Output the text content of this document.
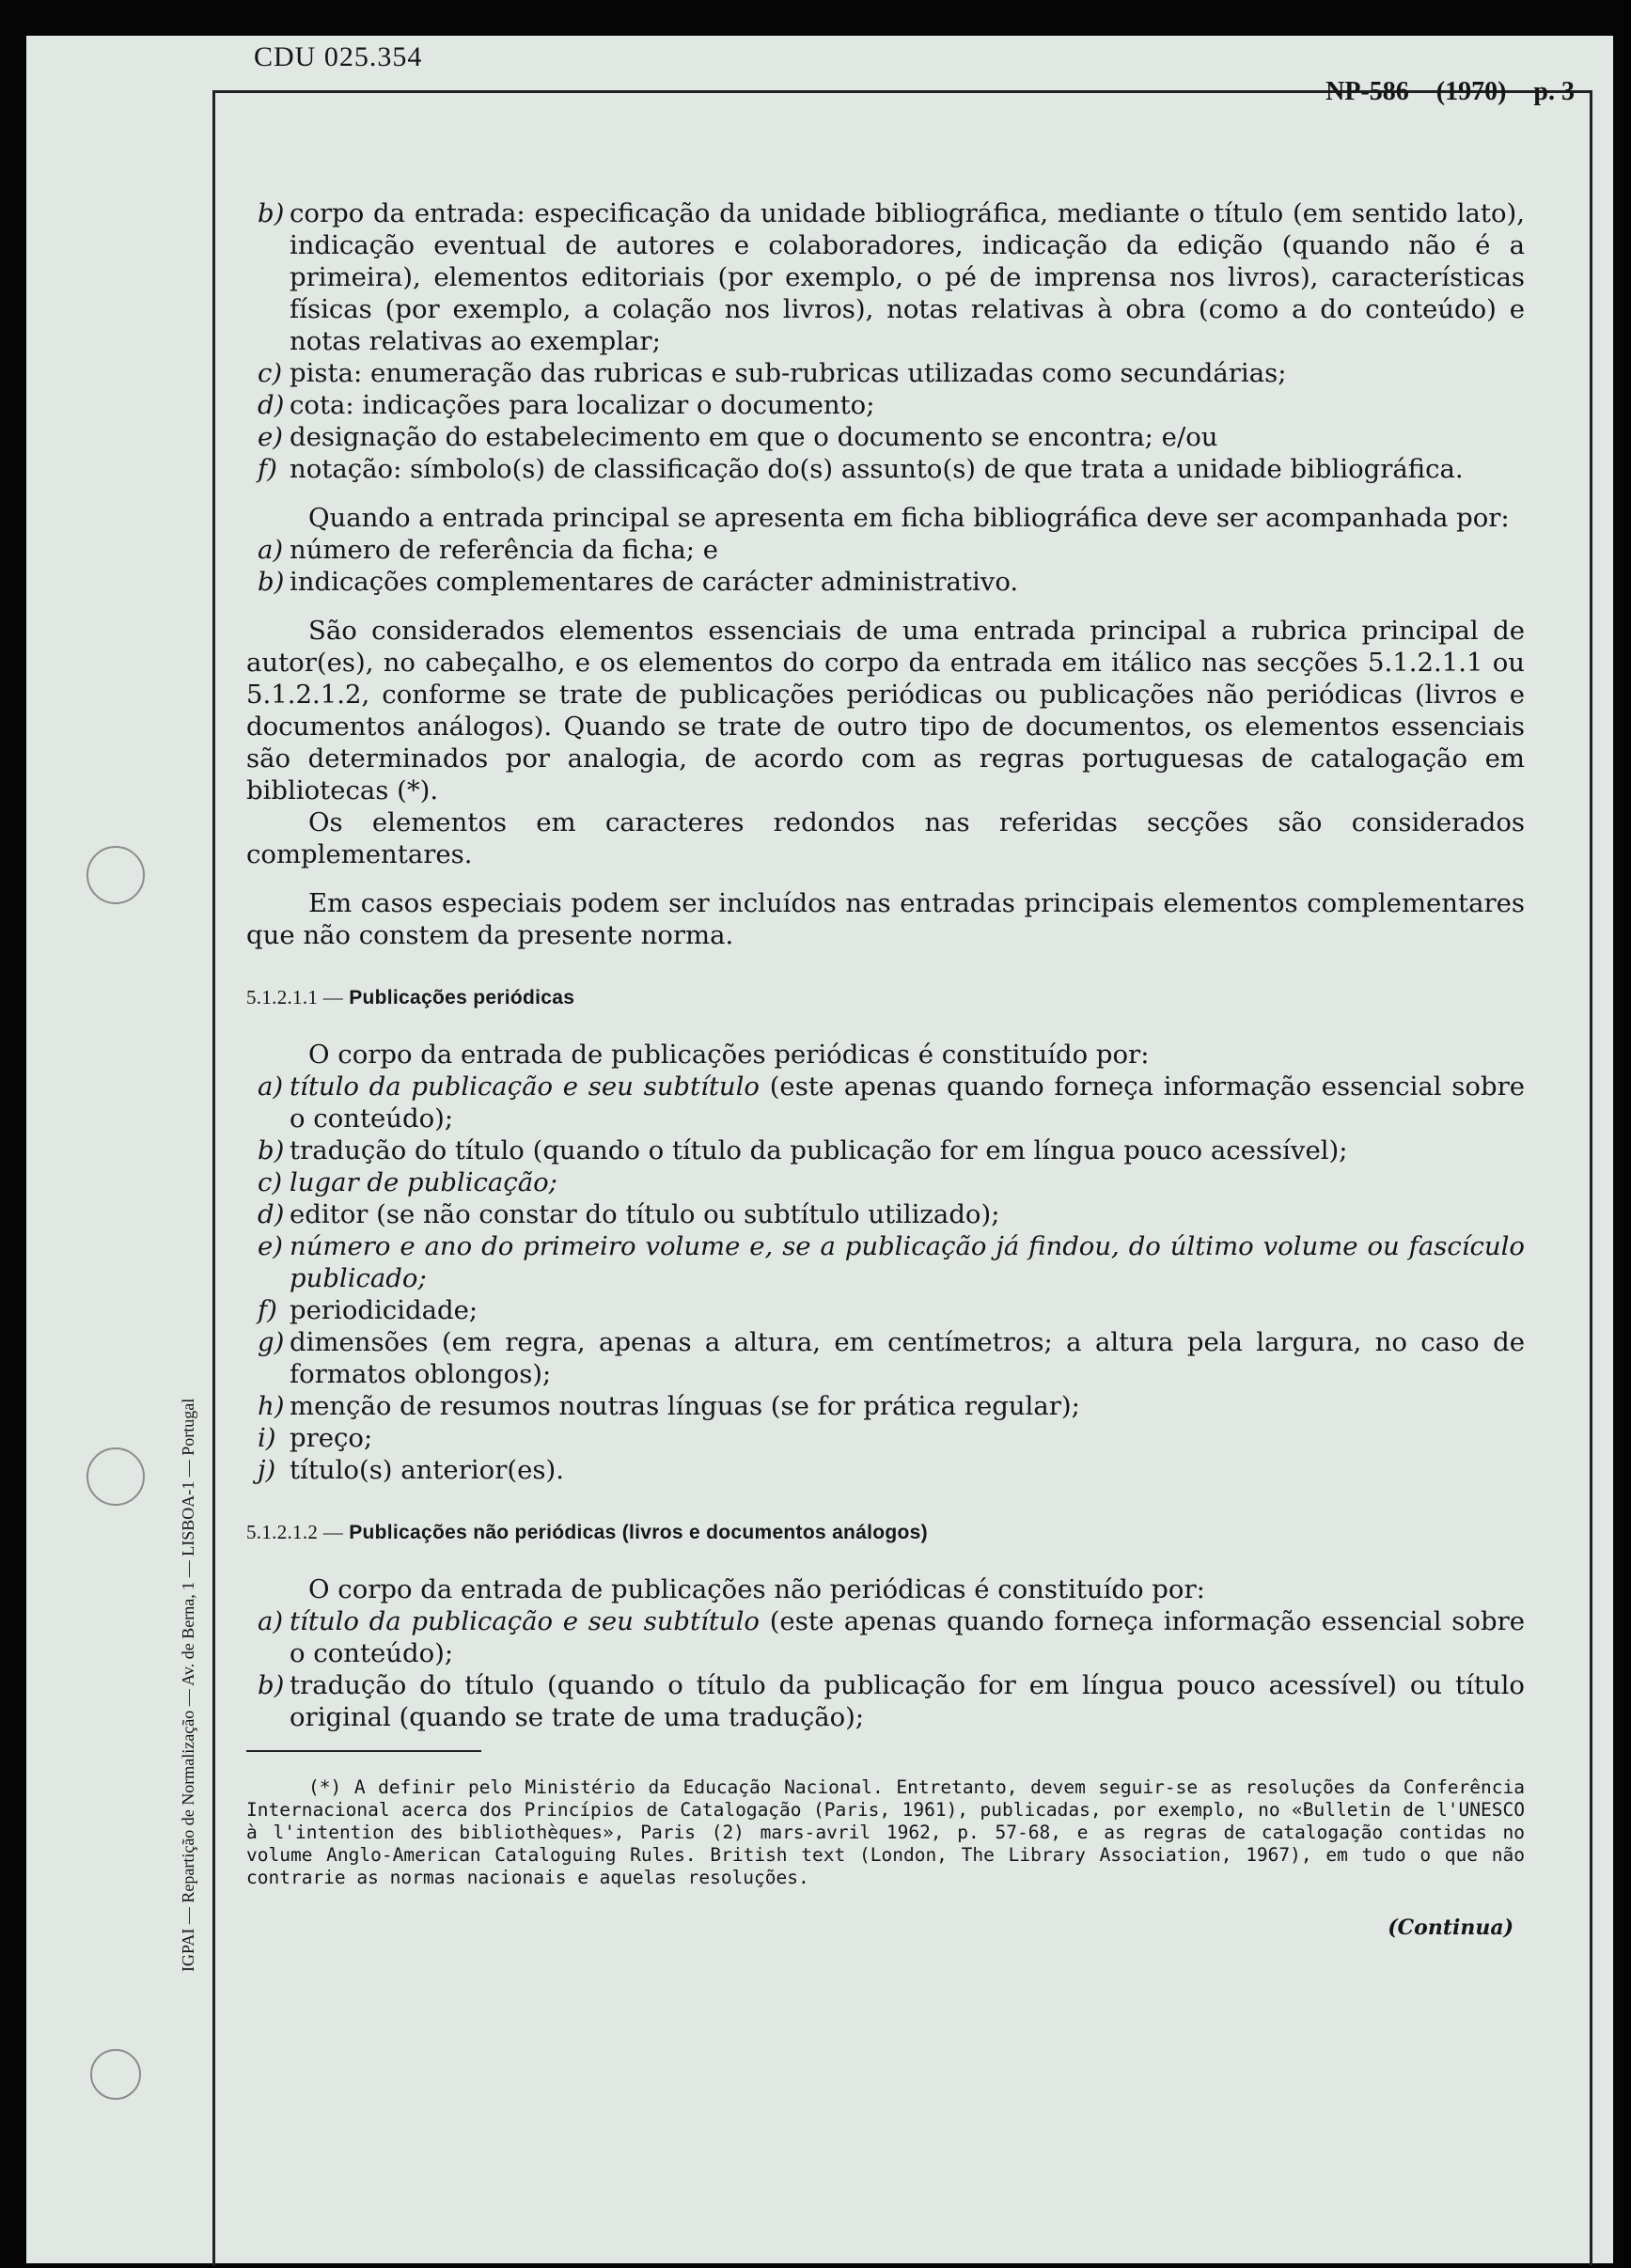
CDU 025.354
IGPAI — Repartição de Normalização — Av. de Berna, 1 — LISBOA-1 — Portugal
NP-586 (1970) p. 3
b) corpo da entrada: especificação da unidade bibliográfica, mediante o título (em sentido lato), indicação eventual de autores e colaboradores, indicação da edição (quando não é a primeira), elementos editoriais (por exemplo, o pé de imprensa nos livros), características físicas (por exemplo, a colação nos livros), notas relativas à obra (como a do conteúdo) e notas relativas ao exemplar;
c) pista: enumeração das rubricas e sub-rubricas utilizadas como secundárias;
d) cota: indicações para localizar o documento;
e) designação do estabelecimento em que o documento se encontra; e/ou
f) notação: símbolo(s) de classificação do(s) assunto(s) de que trata a unidade bibliográfica.
Quando a entrada principal se apresenta em ficha bibliográfica deve ser acompanhada por:
a) número de referência da ficha; e
b) indicações complementares de carácter administrativo.
São considerados elementos essenciais de uma entrada principal a rubrica principal de autor(es), no cabeçalho, e os elementos do corpo da entrada em itálico nas secções 5.1.2.1.1 ou 5.1.2.1.2, conforme se trate de publicações periódicas ou publicações não periódicas (livros e documentos análogos). Quando se trate de outro tipo de documentos, os elementos essenciais são determinados por analogia, de acordo com as regras portuguesas de catalogação em bibliotecas (*).
Os elementos em caracteres redondos nas referidas secções são considerados complementares.
Em casos especiais podem ser incluídos nas entradas principais elementos complementares que não constem da presente norma.
5.1.2.1.1 — Publicações periódicas
O corpo da entrada de publicações periódicas é constituído por:
a) título da publicação e seu subtítulo (este apenas quando forneça informação essencial sobre o conteúdo);
b) tradução do título (quando o título da publicação for em língua pouco acessível);
c) lugar de publicação;
d) editor (se não constar do título ou subtítulo utilizado);
e) número e ano do primeiro volume e, se a publicação já findou, do último volume ou fascículo publicado;
f) periodicidade;
g) dimensões (em regra, apenas a altura, em centímetros; a altura pela largura, no caso de formatos oblongos);
h) menção de resumos noutras línguas (se for prática regular);
i) preço;
j) título(s) anterior(es).
5.1.2.1.2 — Publicações não periódicas (livros e documentos análogos)
O corpo da entrada de publicações não periódicas é constituído por:
a) título da publicação e seu subtítulo (este apenas quando forneça informação essencial sobre o conteúdo);
b) tradução do título (quando o título da publicação for em língua pouco acessível) ou título original (quando se trate de uma tradução);
(*) A definir pelo Ministério da Educação Nacional. Entretanto, devem seguir-se as resoluções da Conferência Internacional acerca dos Princípios de Catalogação (Paris, 1961), publicadas, por exemplo, no «Bulletin de l'UNESCO à l'intention des bibliothèques», Paris (2) mars-avril 1962, p. 57-68, e as regras de catalogação contidas no volume Anglo-American Cataloguing Rules. British text (London, The Library Association, 1967), em tudo o que não contrarie as normas nacionais e aquelas resoluções.
(Continua)
